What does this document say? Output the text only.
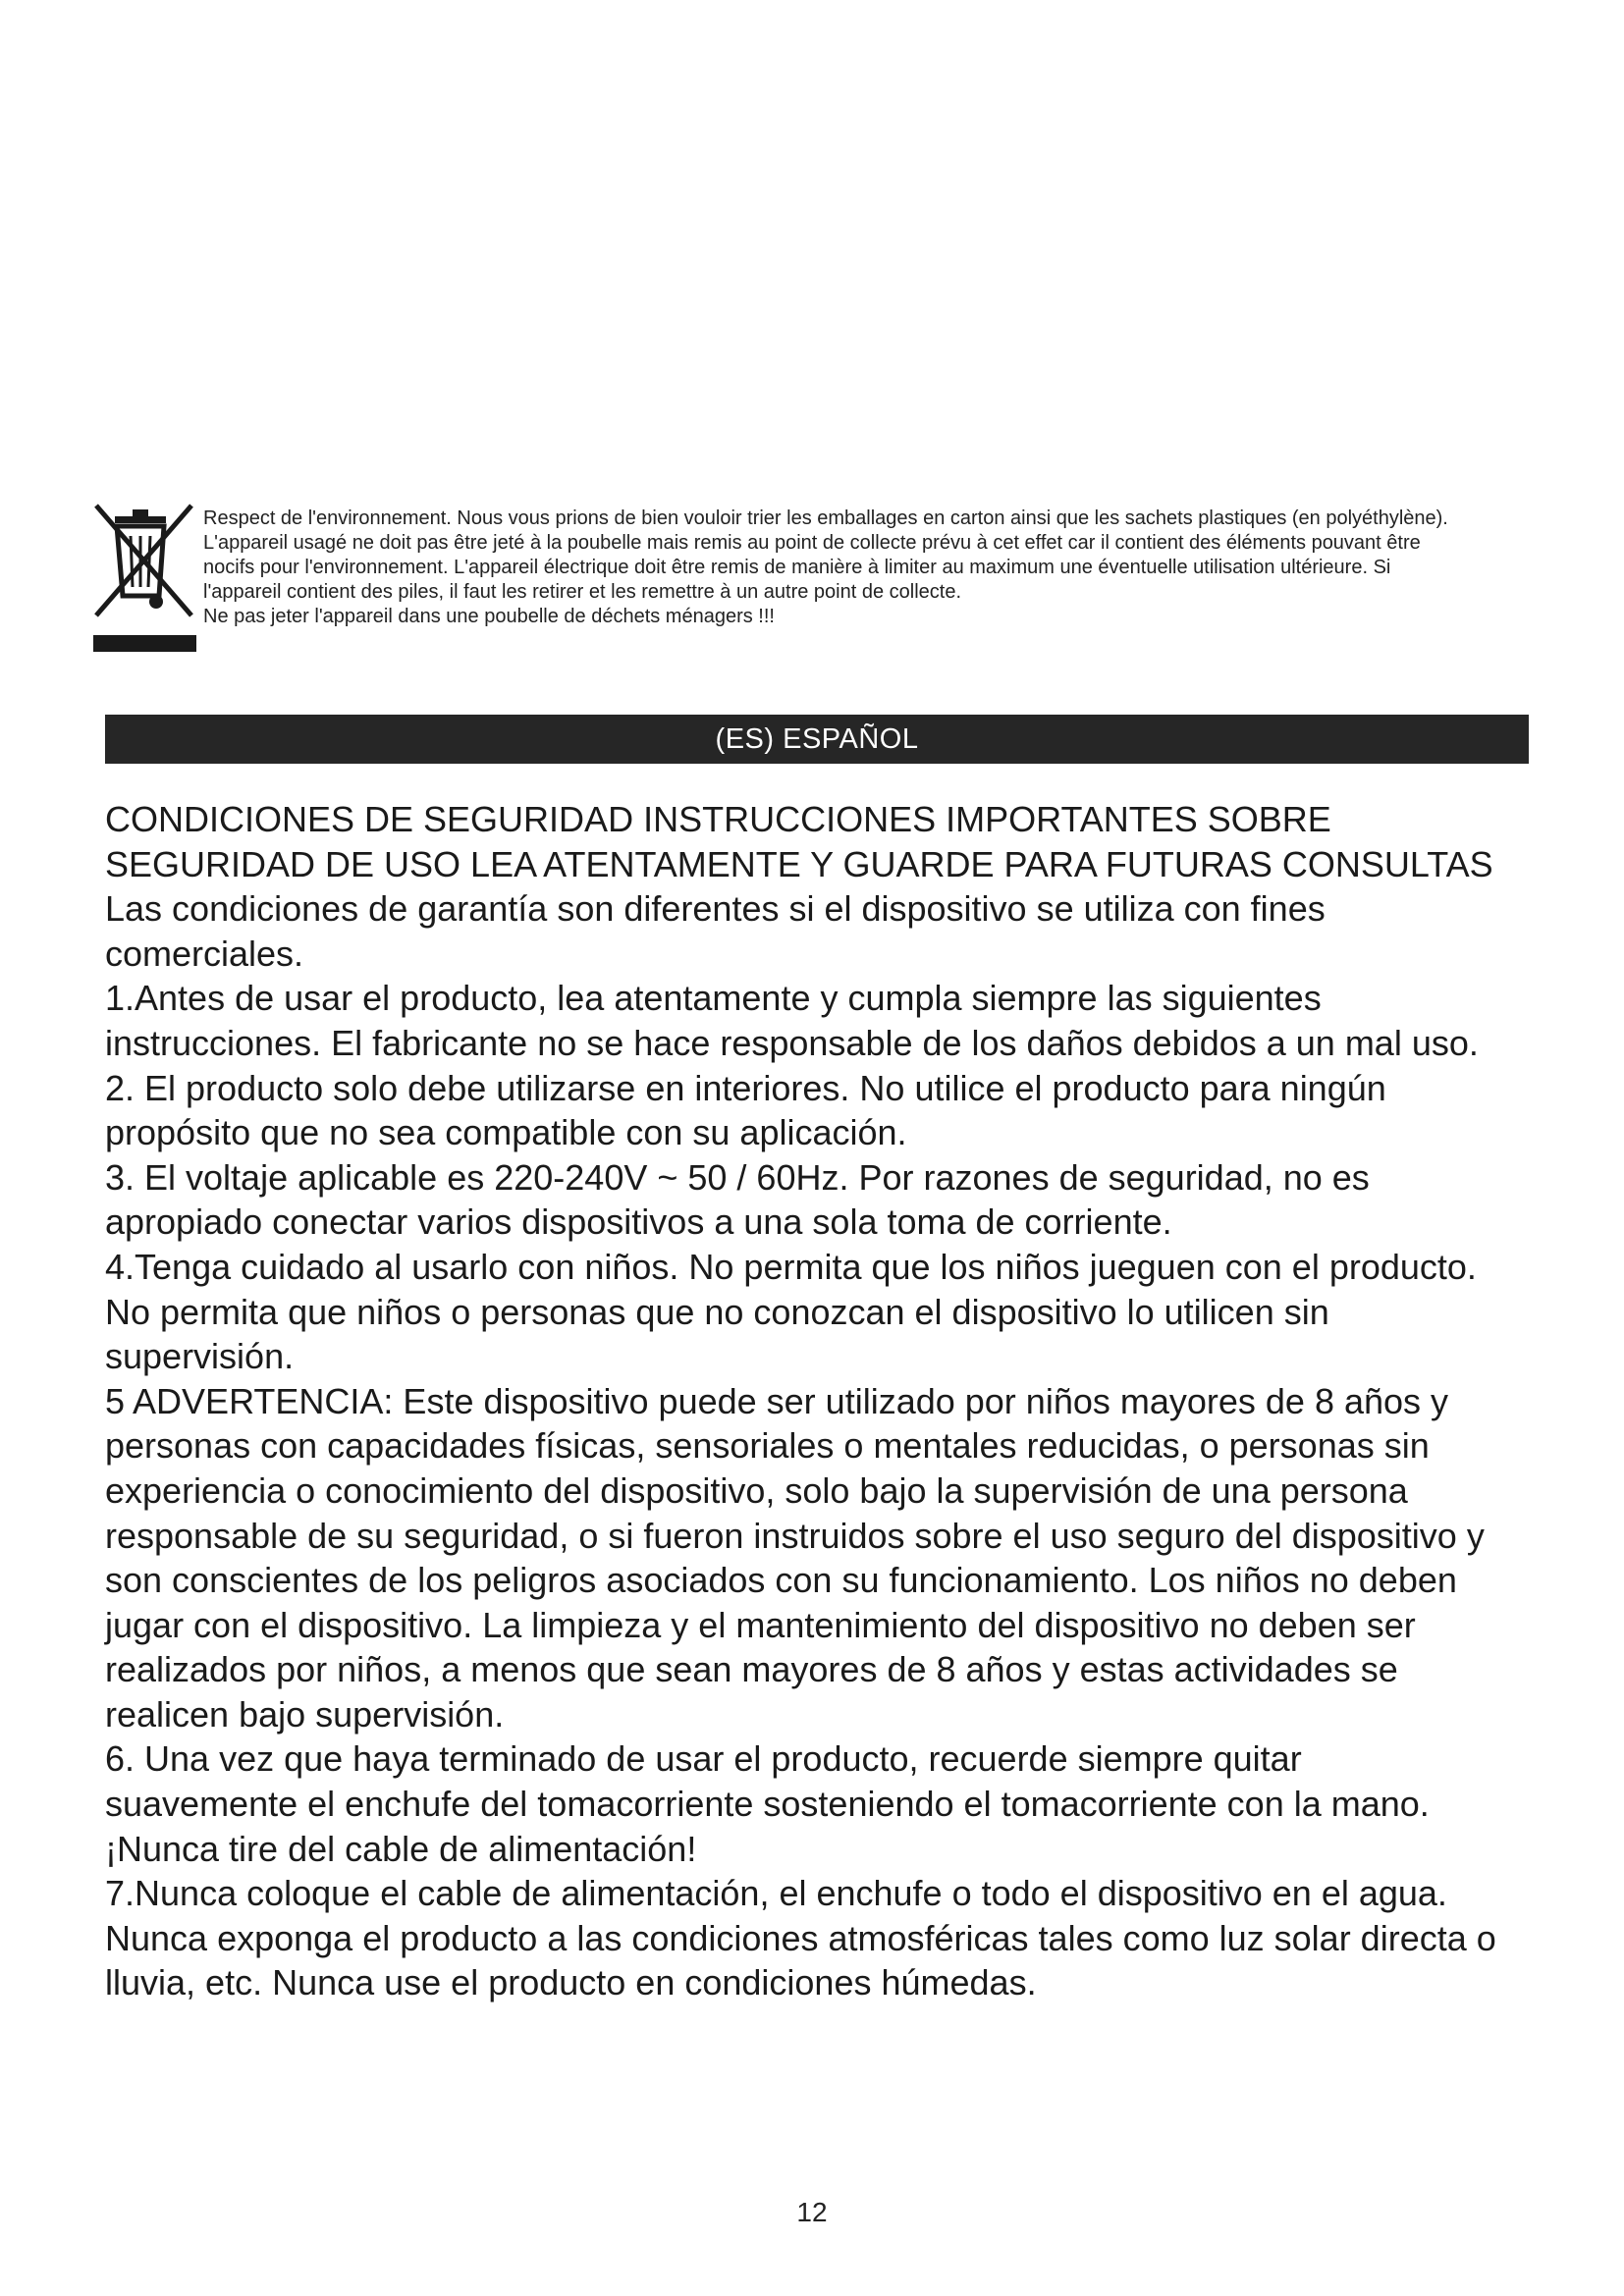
Respect de l'environnement. Nous vous prions de bien vouloir trier les emballages en carton ainsi que les sachets plastiques (en polyéthylène).
L'appareil usagé ne doit pas être jeté à la poubelle mais remis au point de collecte prévu à cet effet car il contient des éléments pouvant être
nocifs pour l'environnement. L'appareil électrique doit être remis de manière à limiter au maximum une éventuelle utilisation ultérieure. Si
l'appareil contient des piles, il faut les retirer et les remettre à un autre point de collecte.
Ne pas jeter l'appareil dans une poubelle de déchets ménagers !!!
(ES) ESPAÑOL
CONDICIONES DE SEGURIDAD INSTRUCCIONES IMPORTANTES SOBRE
SEGURIDAD DE USO LEA ATENTAMENTE Y GUARDE PARA FUTURAS CONSULTAS
Las condiciones de garantía son diferentes si el dispositivo se utiliza con fines
comerciales.
1.Antes de usar el producto, lea atentamente y cumpla siempre las siguientes
instrucciones. El fabricante no se hace responsable de los daños debidos a un mal uso.
2. El producto solo debe utilizarse en interiores. No utilice el producto para ningún
propósito que no sea compatible con su aplicación.
3. El voltaje aplicable es 220-240V ~ 50 / 60Hz. Por razones de seguridad, no es
apropiado conectar varios dispositivos a una sola toma de corriente.
4.Tenga cuidado al usarlo con niños. No permita que los niños jueguen con el producto.
No permita que niños o personas que no conozcan el dispositivo lo utilicen sin
supervisión.
5 ADVERTENCIA: Este dispositivo puede ser utilizado por niños mayores de 8 años y
personas con capacidades físicas, sensoriales o mentales reducidas, o personas sin
experiencia o conocimiento del dispositivo, solo bajo la supervisión de una persona
responsable de su seguridad, o si fueron instruidos sobre el uso seguro del dispositivo y
son conscientes de los peligros asociados con su funcionamiento. Los niños no deben
jugar con el dispositivo. La limpieza y el mantenimiento del dispositivo no deben ser
realizados por niños, a menos que sean mayores de 8 años y estas actividades se
realicen bajo supervisión.
6. Una vez que haya terminado de usar el producto, recuerde siempre quitar
suavemente el enchufe del tomacorriente sosteniendo el tomacorriente con la mano.
¡Nunca tire del cable de alimentación!
7.Nunca coloque el cable de alimentación, el enchufe o todo el dispositivo en el agua.
Nunca exponga el producto a las condiciones atmosféricas tales como luz solar directa o
lluvia, etc. Nunca use el producto en condiciones húmedas.
12
